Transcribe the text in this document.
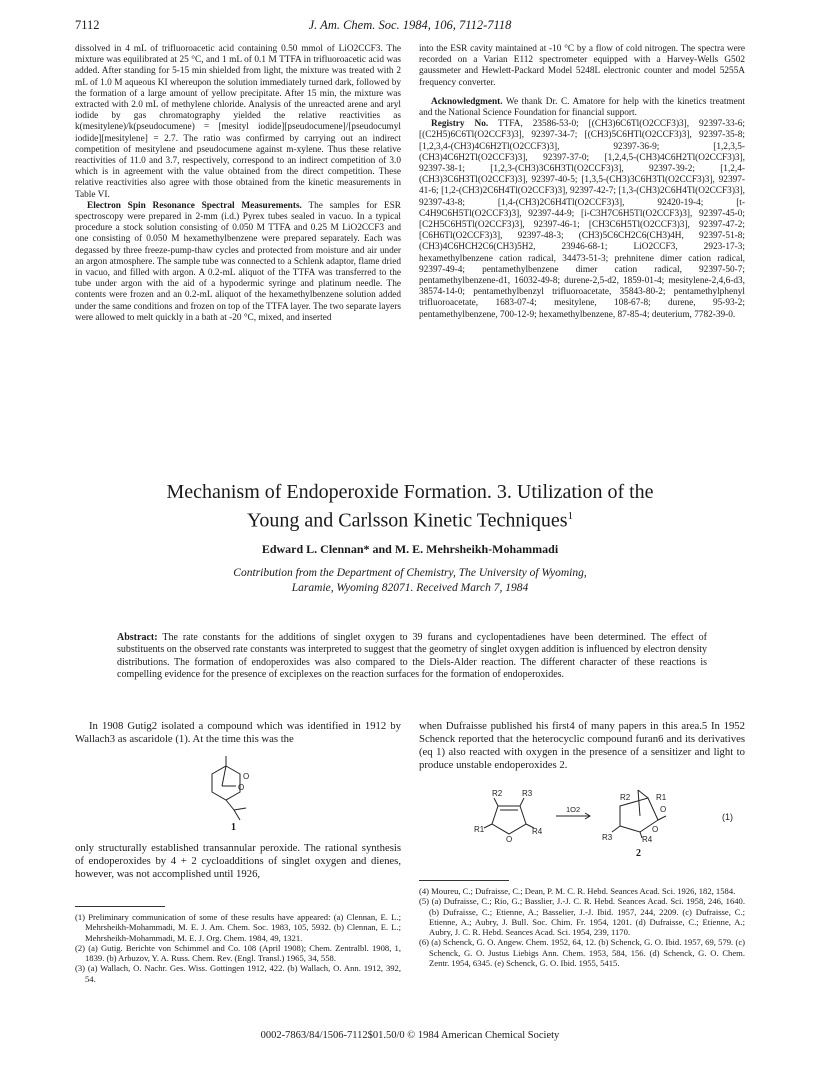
7112	J. Am. Chem. Soc. 1984, 106, 7112-7118

dissolved in 4 mL of trifluoroacetic acid containing 0.50 mmol of LiO2CCF3. The mixture was equilibrated at 25 °C, and 1 mL of 0.1 M TTFA in trifluoroacetic acid was added. After standing for 5-15 min shielded from light, the mixture was treated with 2 mL of 1.0 M aqueous KI whereupon the solution immediately turned dark, followed by the formation of a large amount of yellow precipitate. After 15 min, the mixture was extracted with 2.0 mL of methylene chloride. Analysis of the unreacted arene and aryl iodide by gas chromatography yielded the relative reactivities as k(mesitylene)/k(pseudocumene) = [mesityl iodide][pseudocumene]/[pseudocumyl iodide][mesitylene] = 2.7. The ratio was confirmed by carrying out an indirect competition of mesitylene and pseudocumene against m-xylene. Thus these relative reactivities of 11.0 and 3.7, respectively, correspond to an indirect competition of 3.0 which is in agreement with the value obtained from the direct competition. These relative reactivities also agree with those obtained from the kinetic measurements in Table VI.

Electron Spin Resonance Spectral Measurements. The samples for ESR spectroscopy were prepared in 2-mm (i.d.) Pyrex tubes sealed in vacuo. In a typical procedure a stock solution consisting of 0.050 M TTFA and 0.25 M LiO2CCF3 and one consisting of 0.050 M hexamethylbenzene were prepared separately. Each was degassed by three freeze-pump-thaw cycles and protected from moisture and air under an argon atmosphere. The sample tube was connected to a Schlenk adaptor, flame dried in vacuo, and filled with argon. A 0.2-mL aliquot of the TTFA was transferred to the tube under argon with the aid of a hypodermic syringe and platinum needle. The contents were frozen and an 0.2-mL aliquot of the hexamethylbenzene solution added under the same conditions and frozen on top of the TTFA layer. The two separate layers were allowed to melt quickly in a bath at -20 °C, mixed, and inserted

into the ESR cavity maintained at -10 °C by a flow of cold nitrogen. The spectra were recorded on a Varian E112 spectrometer equipped with a Harvey-Wells G502 gaussmeter and Hewlett-Packard Model 5248L electronic counter and model 5255A frequency converter.

Acknowledgment. We thank Dr. C. Amatore for help with the kinetics treatment and the National Science Foundation for financial support.

Registry No. TTFA, 23586-53-0; [(CH3)6C6Tl(O2CCF3)3], 92397-33-6; [(C2H5)6C6Tl(O2CCF3)3], 92397-34-7; [(CH3)5C6HTl(O2CCF3)3], 92397-35-8; [1,2,3,4-(CH3)4C6H2Tl(O2CCF3)3], 92397-36-9; [1,2,3,5-(CH3)4C6H2Tl(O2CCF3)3], 92397-37-0; [1,2,4,5-(CH3)4C6H2Tl(O2CCF3)3], 92397-38-1; [1,2,3-(CH3)3C6H3Tl(O2CCF3)3], 92397-39-2; [1,2,4-(CH3)3C6H3Tl(O2CCF3)3], 92397-40-5; [1,3,5-(CH3)3C6H3Tl(O2CCF3)3], 92397-41-6; [1,2-(CH3)2C6H4Tl(O2CCF3)3], 92397-42-7; [1,3-(CH3)2C6H4Tl(O2CCF3)3], 92397-43-8; [1,4-(CH3)2C6H4Tl(O2CCF3)3], 92420-19-4; [t-C4H9C6H5Tl(O2CCF3)3], 92397-44-9; [i-C3H7C6H5Tl(O2CCF3)3], 92397-45-0; [C2H5C6H5Tl(O2CCF3)3], 92397-46-1; [CH3C6H5Tl(O2CCF3)3], 92397-47-2; [C6H6Tl(O2CCF3)3], 92397-48-3; (CH3)5C6CH2C6(CH3)4H, 92397-51-8; (CH3)4C6HCH2C6(CH3)5H2, 23946-68-1; LiO2CCF3, 2923-17-3; hexamethylbenzene cation radical, 34473-51-3; prehnitene dimer cation radical, 92397-49-4; pentamethylbenzene dimer cation radical, 92397-50-7; pentamethylbenzene-d1, 16032-49-8; durene-2,5-d2, 1859-01-4; mesitylene-2,4,6-d3, 38574-14-0; pentamethylbenzyl trifluoroacetate, 35843-80-2; pentamethylphenyl trifluoroacetate, 1683-07-4; mesitylene, 108-67-8; durene, 95-93-2; pentamethylbenzene, 700-12-9; hexamethylbenzene, 87-85-4; deuterium, 7782-39-0.

Mechanism of Endoperoxide Formation. 3. Utilization of the
Young and Carlsson Kinetic Techniques$^1$
Edward L. Clennan* and M. E. Mehrsheikh-Mohammadi
Contribution from the Department of Chemistry, The University of Wyoming,
Laramie, Wyoming 82071. Received March 7, 1984
Abstract: The rate constants for the additions of singlet oxygen to 39 furans and cyclopentadienes have been determined. The effect of substituents on the observed rate constants was interpreted to suggest that the geometry of singlet oxygen addition is influenced by electron density distributions. The formation of endoperoxides was also compared to the Diels-Alder reaction. The different character of these reactions is compelling evidence for the presence of exciplexes on the reaction surfaces for the formation of endoperoxides.

In 1908 Gutig2 isolated a compound which was identified in 1912 by Wallach3 as ascaridole (1). At the time this was the

O
O
1

only structurally established transannular peroxide. The rational synthesis of endoperoxides by 4 + 2 cycloadditions of singlet oxygen and dienes, however, was not accomplished until 1926,

when Dufraisse published his first4 of many papers in this area.5 In 1952 Schenck reported that the heterocyclic compound furan6 and its derivatives (eq 1) also reacted with oxygen in the presence of a sensitizer and light to produce unstable endoperoxides 2.

R2 R3
R1	R4
O
1O2
R2	R1
R3	R4
O
O
(1)
2

(1) Preliminary communication of some of these results have appeared: (a) Clennan, E. L.; Mehrsheikh-Mohammadi, M. E. J. Am. Chem. Soc. 1983, 105, 5932. (b) Clennan, E. L.; Mehrsheikh-Mohammadi, M. E. J. Org. Chem. 1984, 49, 1321.

(2) (a) Gutig. Berichte von Schimmel and Co. 108 (April 1908); Chem. Zentralbl. 1908, 1, 1839. (b) Arbuzov, Y. A. Russ. Chem. Rev. (Engl. Transl.) 1965, 34, 558.

(3) (a) Wallach, O. Nachr. Ges. Wiss. Gottingen 1912, 422. (b) Wallach, O. Ann. 1912, 392, 54.

(4) Moureu, C.; Dufraisse, C.; Dean, P. M. C. R. Hebd. Seances Acad. Sci. 1926, 182, 1584.

(5) (a) Dufraisse, C.; Rio, G.; Basslier, J.-J. C. R. Hebd. Seances Acad. Sci. 1958, 246, 1640. (b) Dufraisse, C.; Etienne, A.; Basselier, J.-J. Ibid. 1957, 244, 2209. (c) Dufraisse, C.; Etienne, A.; Aubry, J. Bull. Soc. Chim. Fr. 1954, 1201. (d) Dufraisse, C.; Etienne, A.; Aubry, J. C. R. Hebd. Seances Acad. Sci. 1954, 239, 1170.

(6) (a) Schenck, G. O. Angew. Chem. 1952, 64, 12. (b) Schenck, G. O. Ibid. 1957, 69, 579. (c) Schenck, G. O. Justus Liebigs Ann. Chem. 1953, 584, 156. (d) Schenck, G. O. Chem. Zentr. 1954, 6345. (e) Schenck, G. O. Ibid. 1955, 5415.

0002-7863/84/1506-7112$01.50/0 © 1984 American Chemical Society
